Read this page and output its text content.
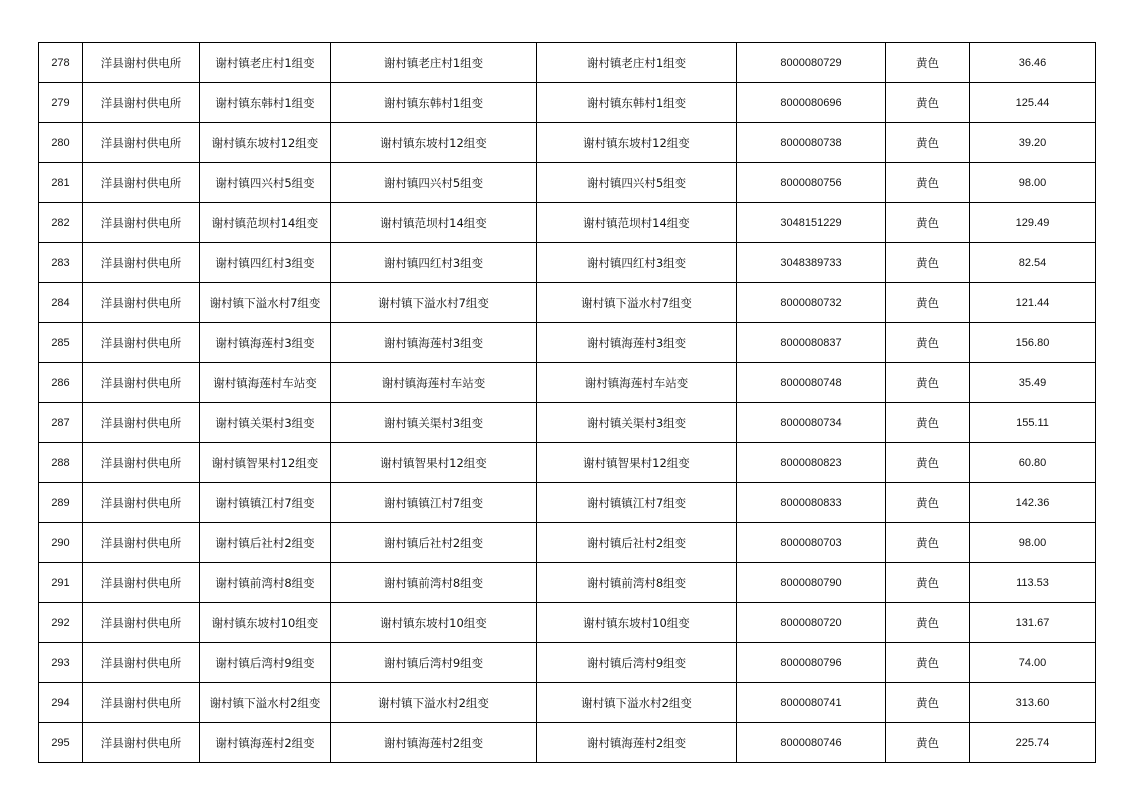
278	洋县谢村供电所	谢村镇老庄村1组变	谢村镇老庄村1组变	谢村镇老庄村1组变	8000080729	黄色	36.46
279	洋县谢村供电所	谢村镇东韩村1组变	谢村镇东韩村1组变	谢村镇东韩村1组变	8000080696	黄色	125.44
280	洋县谢村供电所	谢村镇东坡村12组变	谢村镇东坡村12组变	谢村镇东坡村12组变	8000080738	黄色	39.20
281	洋县谢村供电所	谢村镇四兴村5组变	谢村镇四兴村5组变	谢村镇四兴村5组变	8000080756	黄色	98.00
282	洋县谢村供电所	谢村镇范坝村14组变	谢村镇范坝村14组变	谢村镇范坝村14组变	3048151229	黄色	129.49
283	洋县谢村供电所	谢村镇四红村3组变	谢村镇四红村3组变	谢村镇四红村3组变	3048389733	黄色	82.54
284	洋县谢村供电所	谢村镇下溢水村7组变	谢村镇下溢水村7组变	谢村镇下溢水村7组变	8000080732	黄色	121.44
285	洋县谢村供电所	谢村镇海莲村3组变	谢村镇海莲村3组变	谢村镇海莲村3组变	8000080837	黄色	156.80
286	洋县谢村供电所	谢村镇海莲村车站变	谢村镇海莲村车站变	谢村镇海莲村车站变	8000080748	黄色	35.49
287	洋县谢村供电所	谢村镇关渠村3组变	谢村镇关渠村3组变	谢村镇关渠村3组变	8000080734	黄色	155.11
288	洋县谢村供电所	谢村镇智果村12组变	谢村镇智果村12组变	谢村镇智果村12组变	8000080823	黄色	60.80
289	洋县谢村供电所	谢村镇镇江村7组变	谢村镇镇江村7组变	谢村镇镇江村7组变	8000080833	黄色	142.36
290	洋县谢村供电所	谢村镇后社村2组变	谢村镇后社村2组变	谢村镇后社村2组变	8000080703	黄色	98.00
291	洋县谢村供电所	谢村镇前湾村8组变	谢村镇前湾村8组变	谢村镇前湾村8组变	8000080790	黄色	113.53
292	洋县谢村供电所	谢村镇东坡村10组变	谢村镇东坡村10组变	谢村镇东坡村10组变	8000080720	黄色	131.67
293	洋县谢村供电所	谢村镇后湾村9组变	谢村镇后湾村9组变	谢村镇后湾村9组变	8000080796	黄色	74.00
294	洋县谢村供电所	谢村镇下溢水村2组变	谢村镇下溢水村2组变	谢村镇下溢水村2组变	8000080741	黄色	313.60
295	洋县谢村供电所	谢村镇海莲村2组变	谢村镇海莲村2组变	谢村镇海莲村2组变	8000080746	黄色	225.74
